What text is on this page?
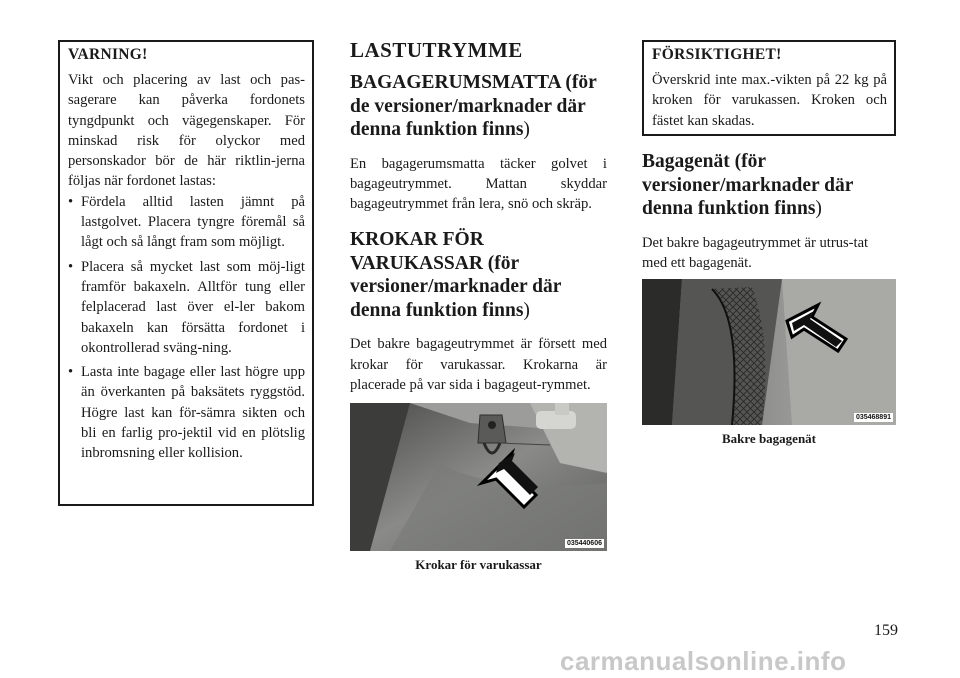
VARNING!

Vikt och placering av last och pas-sagerare kan påverka fordonets tyngdpunkt och vägegenskaper. För minskad risk för olyckor med personskador bör de här riktlin-jerna följas när fordonet lastas:

• Fördela alltid lasten jämnt på lastgolvet. Placera tyngre föremål så lågt och så långt fram som möjligt.
• Placera så mycket last som möj-ligt framför bakaxeln. Alltför tung eller felplacerad last över el-ler bakom bakaxeln kan försätta fordonet i okontrollerad sväng-ning.
• Lasta inte bagage eller last högre upp än överkanten på baksätets ryggstöd. Högre last kan för-sämra sikten och bli en farlig pro-jektil vid en plötslig inbromsning eller kollision.
LASTUTRYMME
BAGAGERUMSMATTA (för de versioner/marknader där denna funktion finns)

En bagagerumsmatta täcker golvet i bagageutrymmet. Mattan skyddar bagageutrymmet från lera, snö och skräp.

KROKAR FÖR VARUKASSAR (för versioner/marknader där denna funktion finns)

Det bakre bagageutrymmet är försett med krokar för varukassar. Krokarna är placerade på var sida i bagageut-rymmet.

035440606
Krokar för varukassar
FÖRSIKTIGHET!

Överskrid inte max.-vikten på 22 kg på kroken för varukassen. Kroken och fästet kan skadas.

Bagagenät (för versioner/marknader där denna funktion finns)

Det bakre bagageutrymmet är utrus-tat med ett bagagenät.

035468891
Bakre bagagenät
159
carmanualsonline.info
